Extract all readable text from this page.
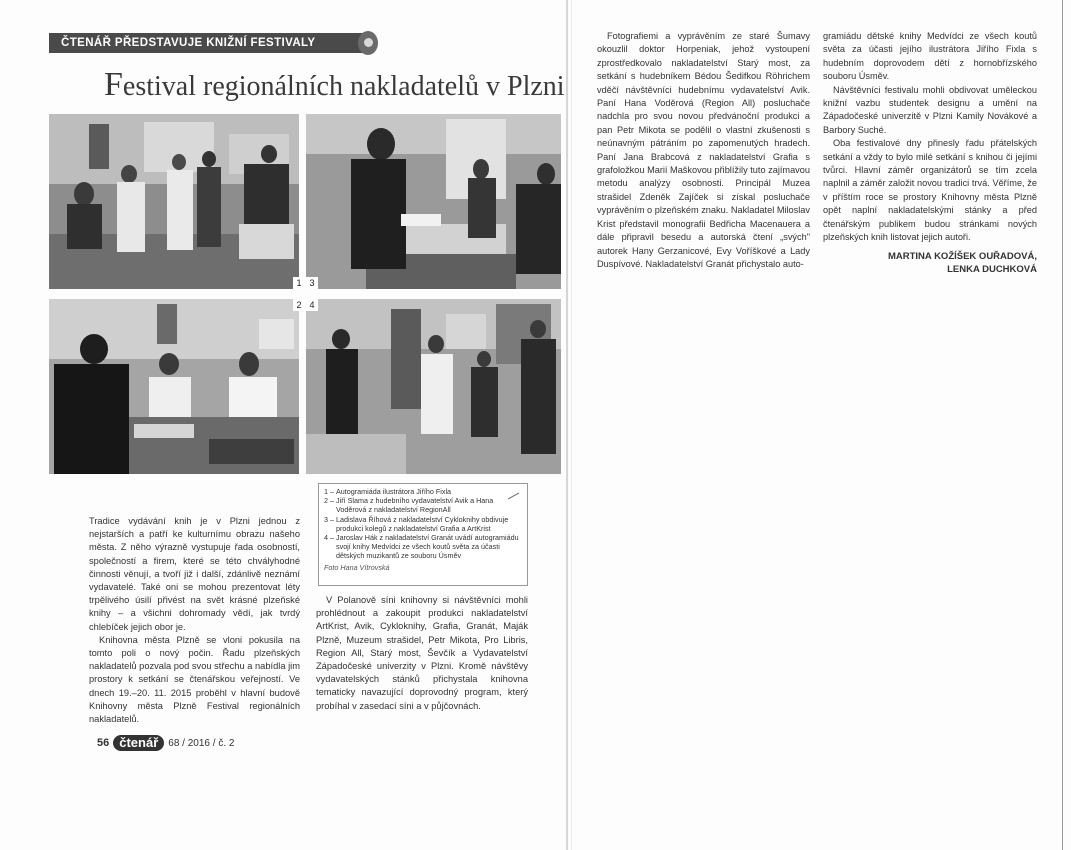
ČTENÁŘ PŘEDSTAVUJE KNIŽNÍ FESTIVALY
Festival regionálních nakladatelů v Plzni
1 3
2 4

Tradice vydávání knih je v Plzni jednou z nejstarších a patří ke kulturnímu obrazu našeho města. Z něho výrazně vystupuje řada osobností, společností a firem, které se této chvályhodné činnosti věnují, a tvoří již i další, zdánlivě neznámí vydavatelé. Také oni se mohou prezentovat léty trpělivého úsilí přivést na svět krásné plzeňské knihy – a všichni dohromady vědí, jak tvrdý chlebíček jejich obor je.

Knihovna města Plzně se vloni pokusila na tomto poli o nový počin. Řadu plzeňských nakladatelů pozvala pod svou střechu a nabídla jim prostory k setkání se čtenářskou veřejností. Ve dnech 19.–20. 11. 2015 proběhl v hlavní budově Knihovny města Plzně Festival regionálních nakladatelů.

1 – Autogramiáda ilustrátora Jiřího Fixla
2 – Jiří Slama z hudebního vydavatelství Avik a Hana Voděrová z nakladatelství RegionAll
3 – Ladislava Říhová z nakladatelství Cykloknihy obdivuje produkci kolegů z nakladatelství Grafia a ArtKrist
4 – Jaroslav Hák z nakladatelství Granát uvádí autogramiádu svojí knihy Medvídci ze všech koutů světa za účasti dětských muzikantů ze souboru Úsměv
Foto Hana Vítrovská

V Polanově síni knihovny si návštěvníci mohli prohlédnout a zakoupit produkci nakladatelství ArtKrist, Avik, Cykloknihy, Grafia, Granát, Maják Plzně, Muzeum strašidel, Petr Mikota, Pro Libris, Region All, Starý most, Ševčík a Vydavatelství Západočeské univerzity v Plzni. Kromě návštěvy vydavatelských stánků přichystala knihovna tematicky navazující doprovodný program, který probíhal v zasedací síni a v půjčovnách.

56 čtenář	68 / 2016 / č. 2

Fotografiemi a vyprávěním ze staré Šumavy okouzlil doktor Horpeniak, jehož vystoupení zprostředkovalo nakladatelství Starý most, za setkání s hudebníkem Bédou Šedifkou Röhrichem vděčí návštěvníci hudebnímu vydavatelství Avik. Paní Hana Voděrová (Region All) posluchače nadchla pro svou novou předvánoční produkci a pan Petr Mikota se podělil o vlastní zkušenosti s neúnavným pátráním po zapomenutých hradech. Paní Jana Brabcová z nakladatelství Grafia s grafoložkou Marií Maškovou přiblížily tuto zajímavou metodu analýzy osobnosti. Principál Muzea strašidel Zdeněk Zajíček si získal posluchače vyprávěním o plzeňském znaku. Nakladatel Miloslav Krist představil monografii Bedřicha Macenauera a dále připravil besedu a autorská čtení „svých" autorek Hany Gerzanicové, Evy Voříškové a Lady Duspívové. Nakladatelství Granát přichystalo auto-

gramiádu dětské knihy Medvídci ze všech koutů světa za účasti jejího ilustrátora Jiřího Fixla s hudebním doprovodem dětí z hornobřízského souboru Úsměv.

Návštěvníci festivalu mohli obdivovat uměleckou knižní vazbu studentek designu a umění na Západočeské univerzitě v Plzni Kamily Novákové a Barbory Suché.

Oba festivalové dny přinesly řadu přátelských setkání a vždy to bylo milé setkání s knihou či jejími tvůrci. Hlavní záměr organizátorů se tím zcela naplnil a záměr založit novou tradici trvá. Věříme, že v příštím roce se prostory Knihovny města Plzně opět naplní nakladatelskými stánky a před čtenářským publikem budou stránkami nových plzeňských knih listovat jejich autoři.

MARTINA KOŽÍŠEK OUŘADOVÁ,
LENKA DUCHKOVÁ
